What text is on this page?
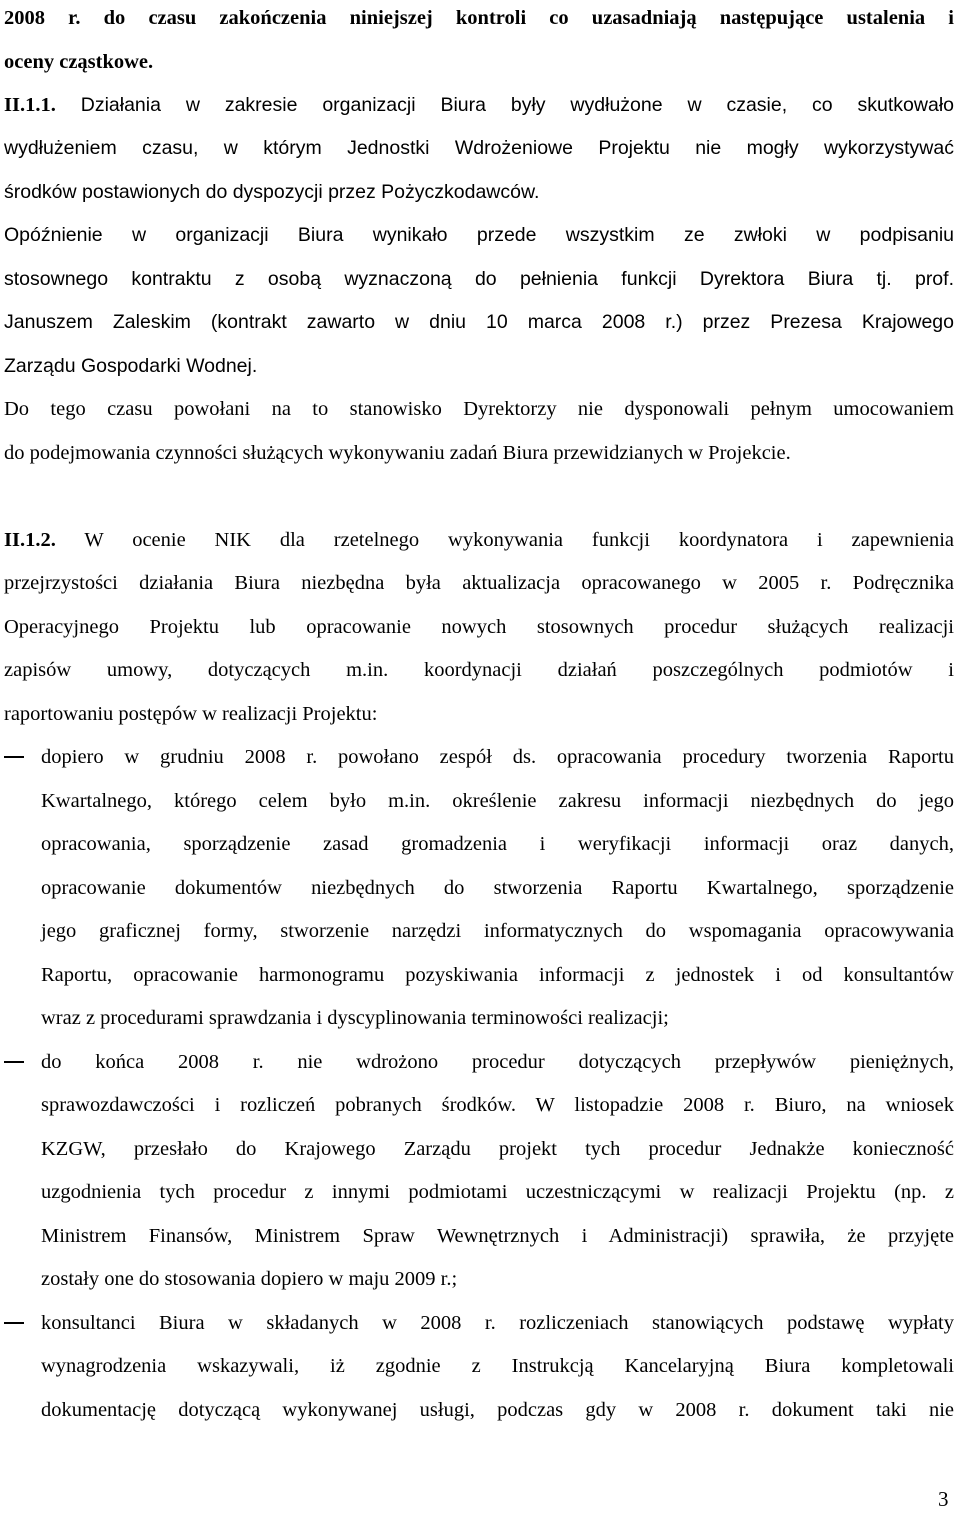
2008 r. do czasu zakończenia niniejszej kontroli co uzasadniają następujące ustalenia i
oceny cząstkowe.
II.1.1. Działania w zakresie organizacji Biura były wydłużone w czasie, co skutkowało
wydłużeniem czasu, w którym Jednostki Wdrożeniowe Projektu nie mogły wykorzystywać
środków postawionych do dyspozycji przez Pożyczkodawców.
Opóźnienie w organizacji Biura wynikało przede wszystkim ze zwłoki w podpisaniu
stosownego kontraktu z osobą wyznaczoną do pełnienia funkcji Dyrektora Biura tj. prof.
Januszem Zaleskim (kontrakt zawarto w dniu 10 marca 2008 r.) przez Prezesa Krajowego
Zarządu Gospodarki Wodnej.
Do tego czasu powołani na to stanowisko Dyrektorzy nie dysponowali pełnym umocowaniem
do podejmowania czynności służących wykonywaniu zadań Biura przewidzianych w Projekcie.
II.1.2. W ocenie NIK dla rzetelnego wykonywania funkcji koordynatora i zapewnienia
przejrzystości działania Biura niezbędna była aktualizacja opracowanego w 2005 r. Podręcznika
Operacyjnego Projektu lub opracowanie nowych stosownych procedur służących realizacji
zapisów umowy, dotyczących m.in. koordynacji działań poszczególnych podmiotów i
raportowaniu postępów w realizacji Projektu:
dopiero w grudniu 2008 r. powołano zespół ds. opracowania procedury tworzenia Raportu
Kwartalnego, którego celem było m.in. określenie zakresu informacji niezbędnych do jego
opracowania, sporządzenie zasad gromadzenia i weryfikacji informacji oraz danych,
opracowanie dokumentów niezbędnych do stworzenia Raportu Kwartalnego, sporządzenie
jego graficznej formy, stworzenie narzędzi informatycznych do wspomagania opracowywania
Raportu, opracowanie harmonogramu pozyskiwania informacji z jednostek i od konsultantów
wraz z procedurami sprawdzania i dyscyplinowania terminowości realizacji;
do końca 2008 r. nie wdrożono procedur dotyczących przepływów pieniężnych,
sprawozdawczości i rozliczeń pobranych środków. W listopadzie 2008 r. Biuro, na wniosek
KZGW, przesłało do Krajowego Zarządu projekt tych procedur Jednakże konieczność
uzgodnienia tych procedur z innymi podmiotami uczestniczącymi w realizacji Projektu (np. z
Ministrem Finansów, Ministrem Spraw Wewnętrznych i Administracji) sprawiła, że przyjęte
zostały one do stosowania dopiero w maju 2009 r.;
konsultanci Biura w składanych w 2008 r. rozliczeniach stanowiących podstawę wypłaty
wynagrodzenia wskazywali, iż zgodnie z Instrukcją Kancelaryjną Biura kompletowali
dokumentację dotyczącą wykonywanej usługi, podczas gdy w 2008 r. dokument taki nie
3
